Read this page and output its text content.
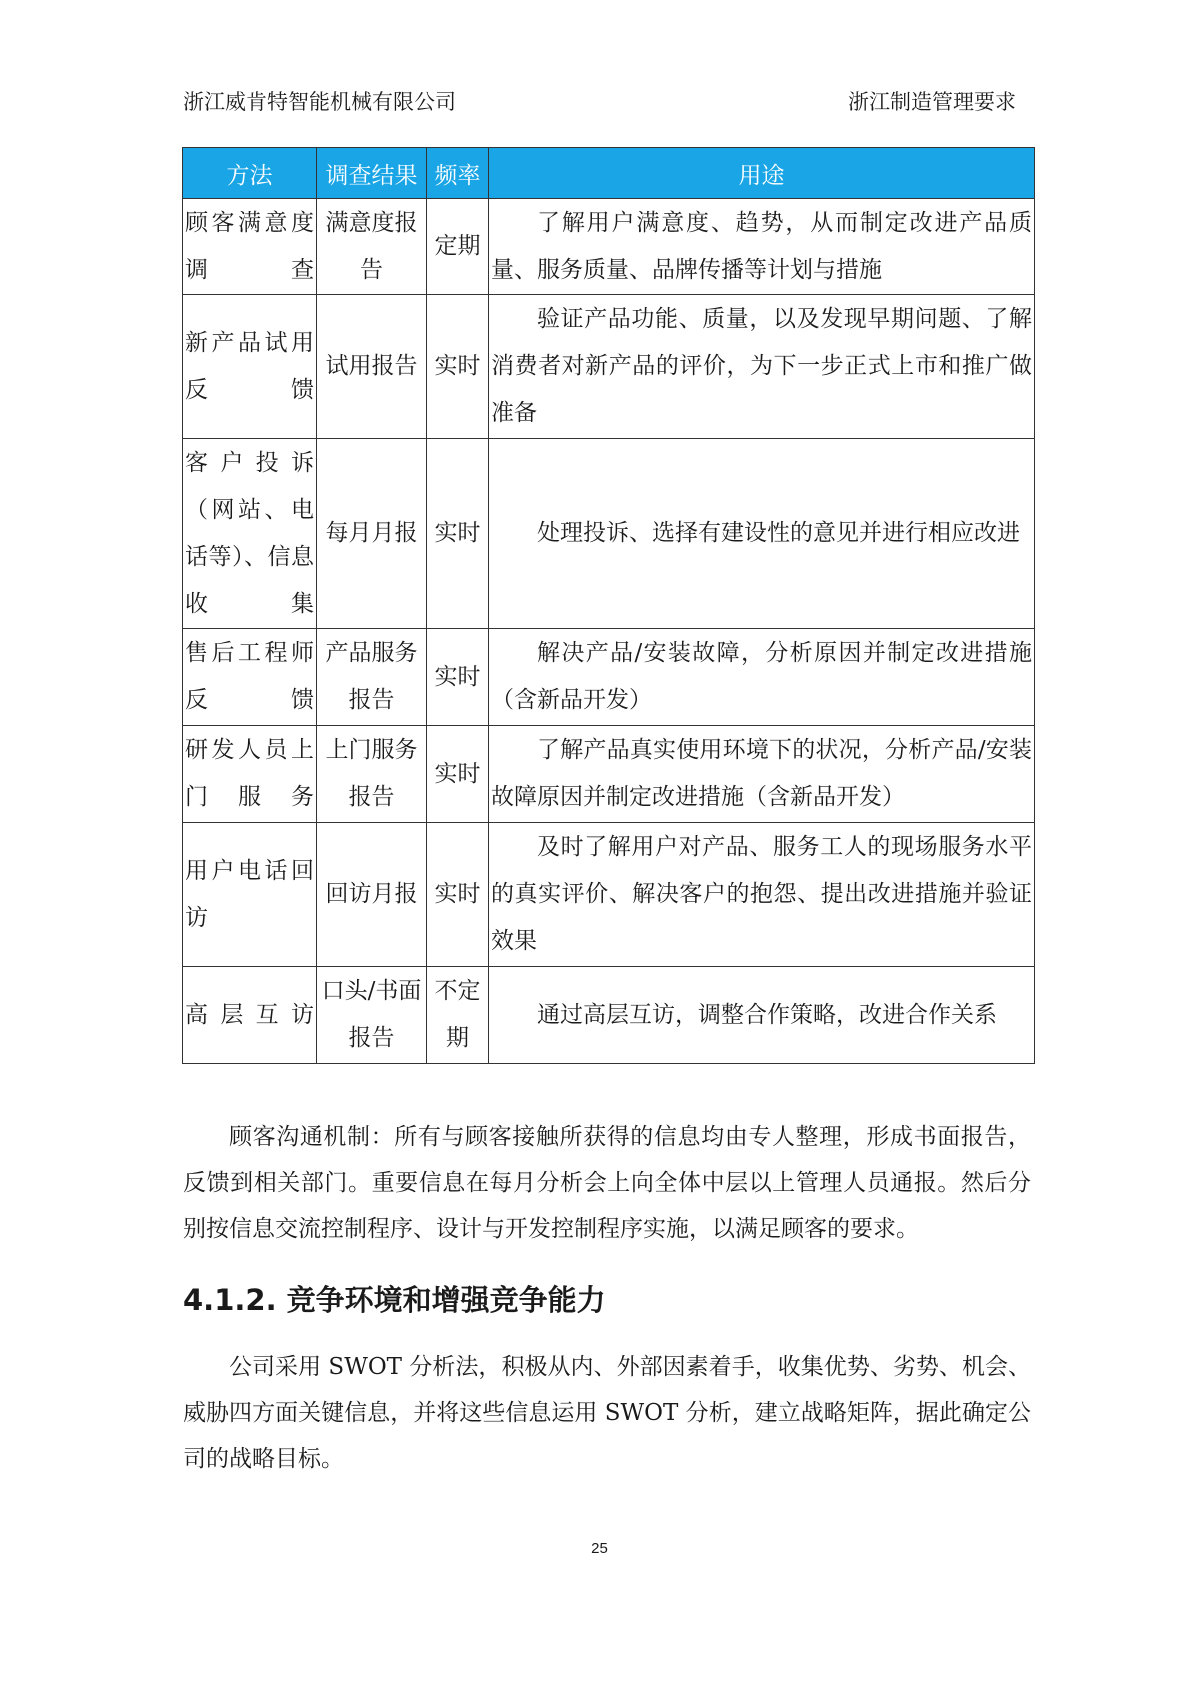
浙江威肯特智能机械有限公司	浙江制造管理要求
方法	调查结果	频率	用途
顾客满意度调查	满意度报告	定期	了解用户满意度、趋势，从而制定改进产品质量、服务质量、品牌传播等计划与措施
新产品试用反馈	试用报告	实时	验证产品功能、质量，以及发现早期问题、了解消费者对新产品的评价，为下一步正式上市和推广做准备
客户投诉（网站、电话等）、信息收集	每月月报	实时	处理投诉、选择有建设性的意见并进行相应改进
售后工程师反馈	产品服务报告	实时	解决产品/安装故障，分析原因并制定改进措施（含新品开发）
研发人员上门服务	上门服务报告	实时	了解产品真实使用环境下的状况，分析产品/安装故障原因并制定改进措施（含新品开发）
用户电话回访	回访月报	实时	及时了解用户对产品、服务工人的现场服务水平的真实评价、解决客户的抱怨、提出改进措施并验证效果
高层互访	口头/书面报告	不定期	通过高层互访，调整合作策略，改进合作关系
顾客沟通机制：所有与顾客接触所获得的信息均由专人整理，形成书面报告，反馈到相关部门。重要信息在每月分析会上向全体中层以上管理人员通报。然后分别按信息交流控制程序、设计与开发控制程序实施，以满足顾客的要求。
4.1.2. 竞争环境和增强竞争能力
公司采用 SWOT 分析法，积极从内、外部因素着手，收集优势、劣势、机会、威胁四方面关键信息，并将这些信息运用 SWOT 分析，建立战略矩阵，据此确定公司的战略目标。
25
